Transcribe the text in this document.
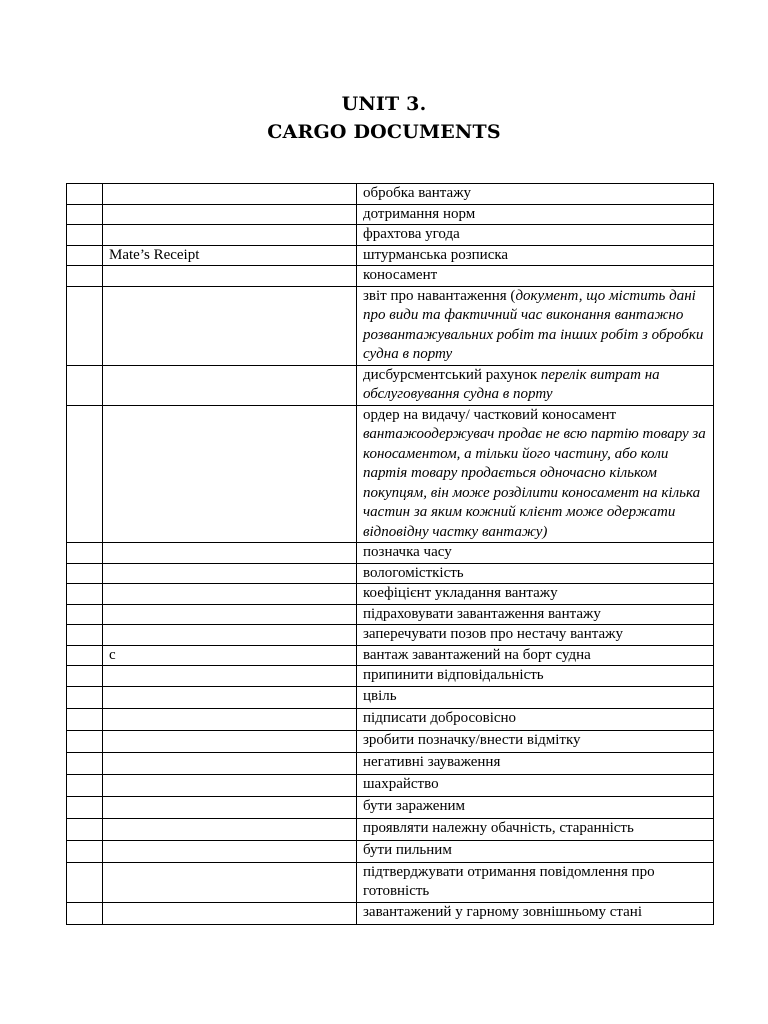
UNIT 3.

CARGO DOCUMENTS

		обробка вантажу
		дотримання норм
		фрахтова угода
	Mate’s Receipt	штурманська розписка
		коносамент
		звіт про навантаження (документ, що містить дані про види та фактичний час виконання вантажно розвантажувальних робіт та інших робіт з обробки судна в порту
		дисбурсментський рахунок перелік витрат на обслуговування судна в порту
		ордер на видачу/ частковий коносамент вантажоодержувач продає не всю партію товару за коносаментом, а тільки його частину, або коли партія товару продається одночасно кільком покупцям, він може розділити коносамент на кілька частин за яким кожний клієнт може одержати відповідну частку вантажу)
		позначка часу
		вологомісткість
		коефіцієнт укладання вантажу
		підраховувати завантаження вантажу
		заперечувати позов про нестачу вантажу
	c	вантаж завантажений на борт судна
		припинити відповідальність
		цвіль
		підписати добросовісно
		зробити позначку/внести відмітку
		негативні зауваження
		шахрайство
		бути зараженим
		проявляти належну обачність, старанність
		бути пильним
		підтверджувати отримання повідомлення про готовність
		завантажений у гарному зовнішньому стані
